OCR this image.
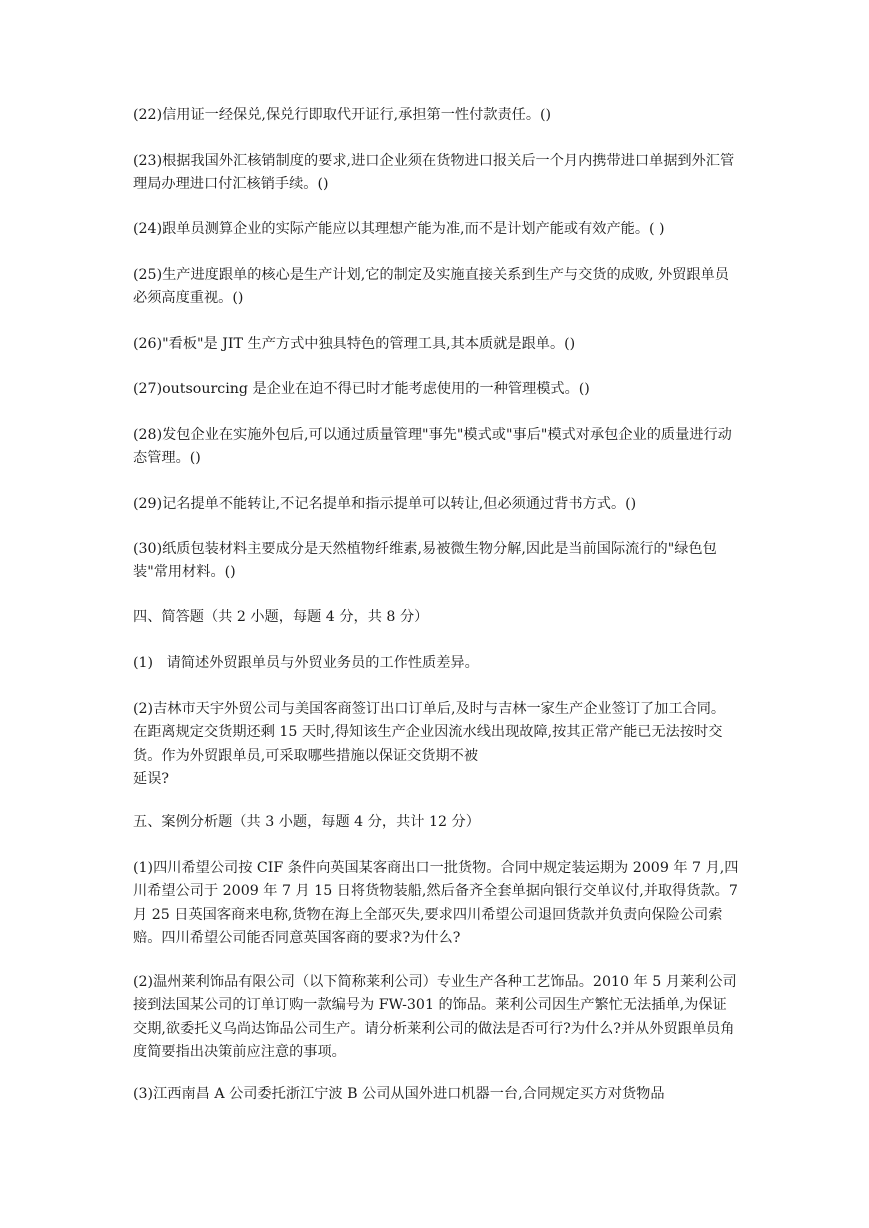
(22)信用证一经保兑,保兑行即取代开证行,承担第一性付款责任。()

(23)根据我国外汇核销制度的要求,进口企业须在货物进口报关后一个月内携带进口单据到外汇管理局办理进口付汇核销手续。()

(24)跟单员测算企业的实际产能应以其理想产能为准,而不是计划产能或有效产能。( )

(25)生产进度跟单的核心是生产计划,它的制定及实施直接关系到生产与交货的成败, 外贸跟单员必须高度重视。()

(26)"看板"是 JIT 生产方式中独具特色的管理工具,其本质就是跟单。()

(27)outsourcing 是企业在迫不得已时才能考虑使用的一种管理模式。()

(28)发包企业在实施外包后,可以通过质量管理"事先"模式或"事后"模式对承包企业的质量进行动态管理。()

(29)记名提单不能转让,不记名提单和指示提单可以转让,但必须通过背书方式。()

(30)纸质包装材料主要成分是天然植物纤维素,易被微生物分解,因此是当前国际流行的"绿色包装"常用材料。()

四、简答题（共 2 小题，每题 4 分，共 8 分）

(1)   请简述外贸跟单员与外贸业务员的工作性质差异。

(2)吉林市天宇外贸公司与美国客商签订出口订单后,及时与吉林一家生产企业签订了加工合同。在距离规定交货期还剩 15 天时,得知该生产企业因流水线出现故障,按其正常产能已无法按时交货。作为外贸跟单员,可采取哪些措施以保证交货期不被
延误?

五、案例分析题（共 3 小题，每题 4 分，共计 12 分）

(1)四川希望公司按 CIF 条件向英国某客商出口一批货物。合同中规定装运期为 2009 年 7 月,四川希望公司于 2009 年 7 月 15 日将货物装船,然后备齐全套单据向银行交单议付,并取得货款。7 月 25 日英国客商来电称,货物在海上全部灭失,要求四川希望公司退回货款并负责向保险公司索赔。四川希望公司能否同意英国客商的要求?为什么?

(2)温州莱利饰品有限公司（以下简称莱利公司）专业生产各种工艺饰品。2010 年 5 月莱利公司接到法国某公司的订单订购一款编号为 FW-301 的饰品。莱利公司因生产繁忙无法插单,为保证交期,欲委托义乌尚达饰品公司生产。请分析莱利公司的做法是否可行?为什么?并从外贸跟单员角度简要指出决策前应注意的事项。

(3)江西南昌 A 公司委托浙江宁波 B 公司从国外进口机器一台,合同规定买方对货物品
